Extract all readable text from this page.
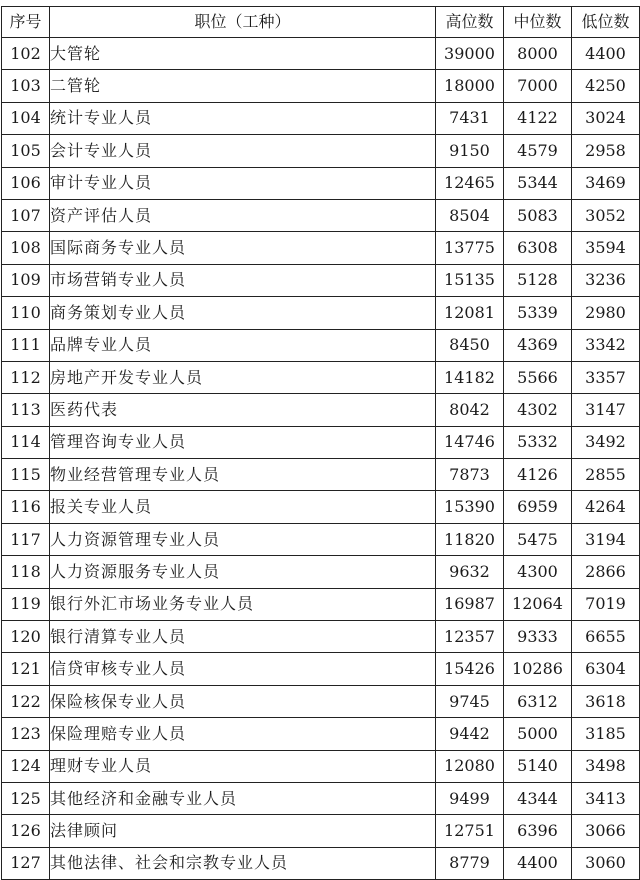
序号	职位（工种）	高位数	中位数	低位数
102	大管轮	39000	8000	4400
103	二管轮	18000	7000	4250
104	统计专业人员	7431	4122	3024
105	会计专业人员	9150	4579	2958
106	审计专业人员	12465	5344	3469
107	资产评估人员	8504	5083	3052
108	国际商务专业人员	13775	6308	3594
109	市场营销专业人员	15135	5128	3236
110	商务策划专业人员	12081	5339	2980
111	品牌专业人员	8450	4369	3342
112	房地产开发专业人员	14182	5566	3357
113	医药代表	8042	4302	3147
114	管理咨询专业人员	14746	5332	3492
115	物业经营管理专业人员	7873	4126	2855
116	报关专业人员	15390	6959	4264
117	人力资源管理专业人员	11820	5475	3194
118	人力资源服务专业人员	9632	4300	2866
119	银行外汇市场业务专业人员	16987	12064	7019
120	银行清算专业人员	12357	9333	6655
121	信贷审核专业人员	15426	10286	6304
122	保险核保专业人员	9745	6312	3618
123	保险理赔专业人员	9442	5000	3185
124	理财专业人员	12080	5140	3498
125	其他经济和金融专业人员	9499	4344	3413
126	法律顾问	12751	6396	3066
127	其他法律、社会和宗教专业人员	8779	4400	3060
